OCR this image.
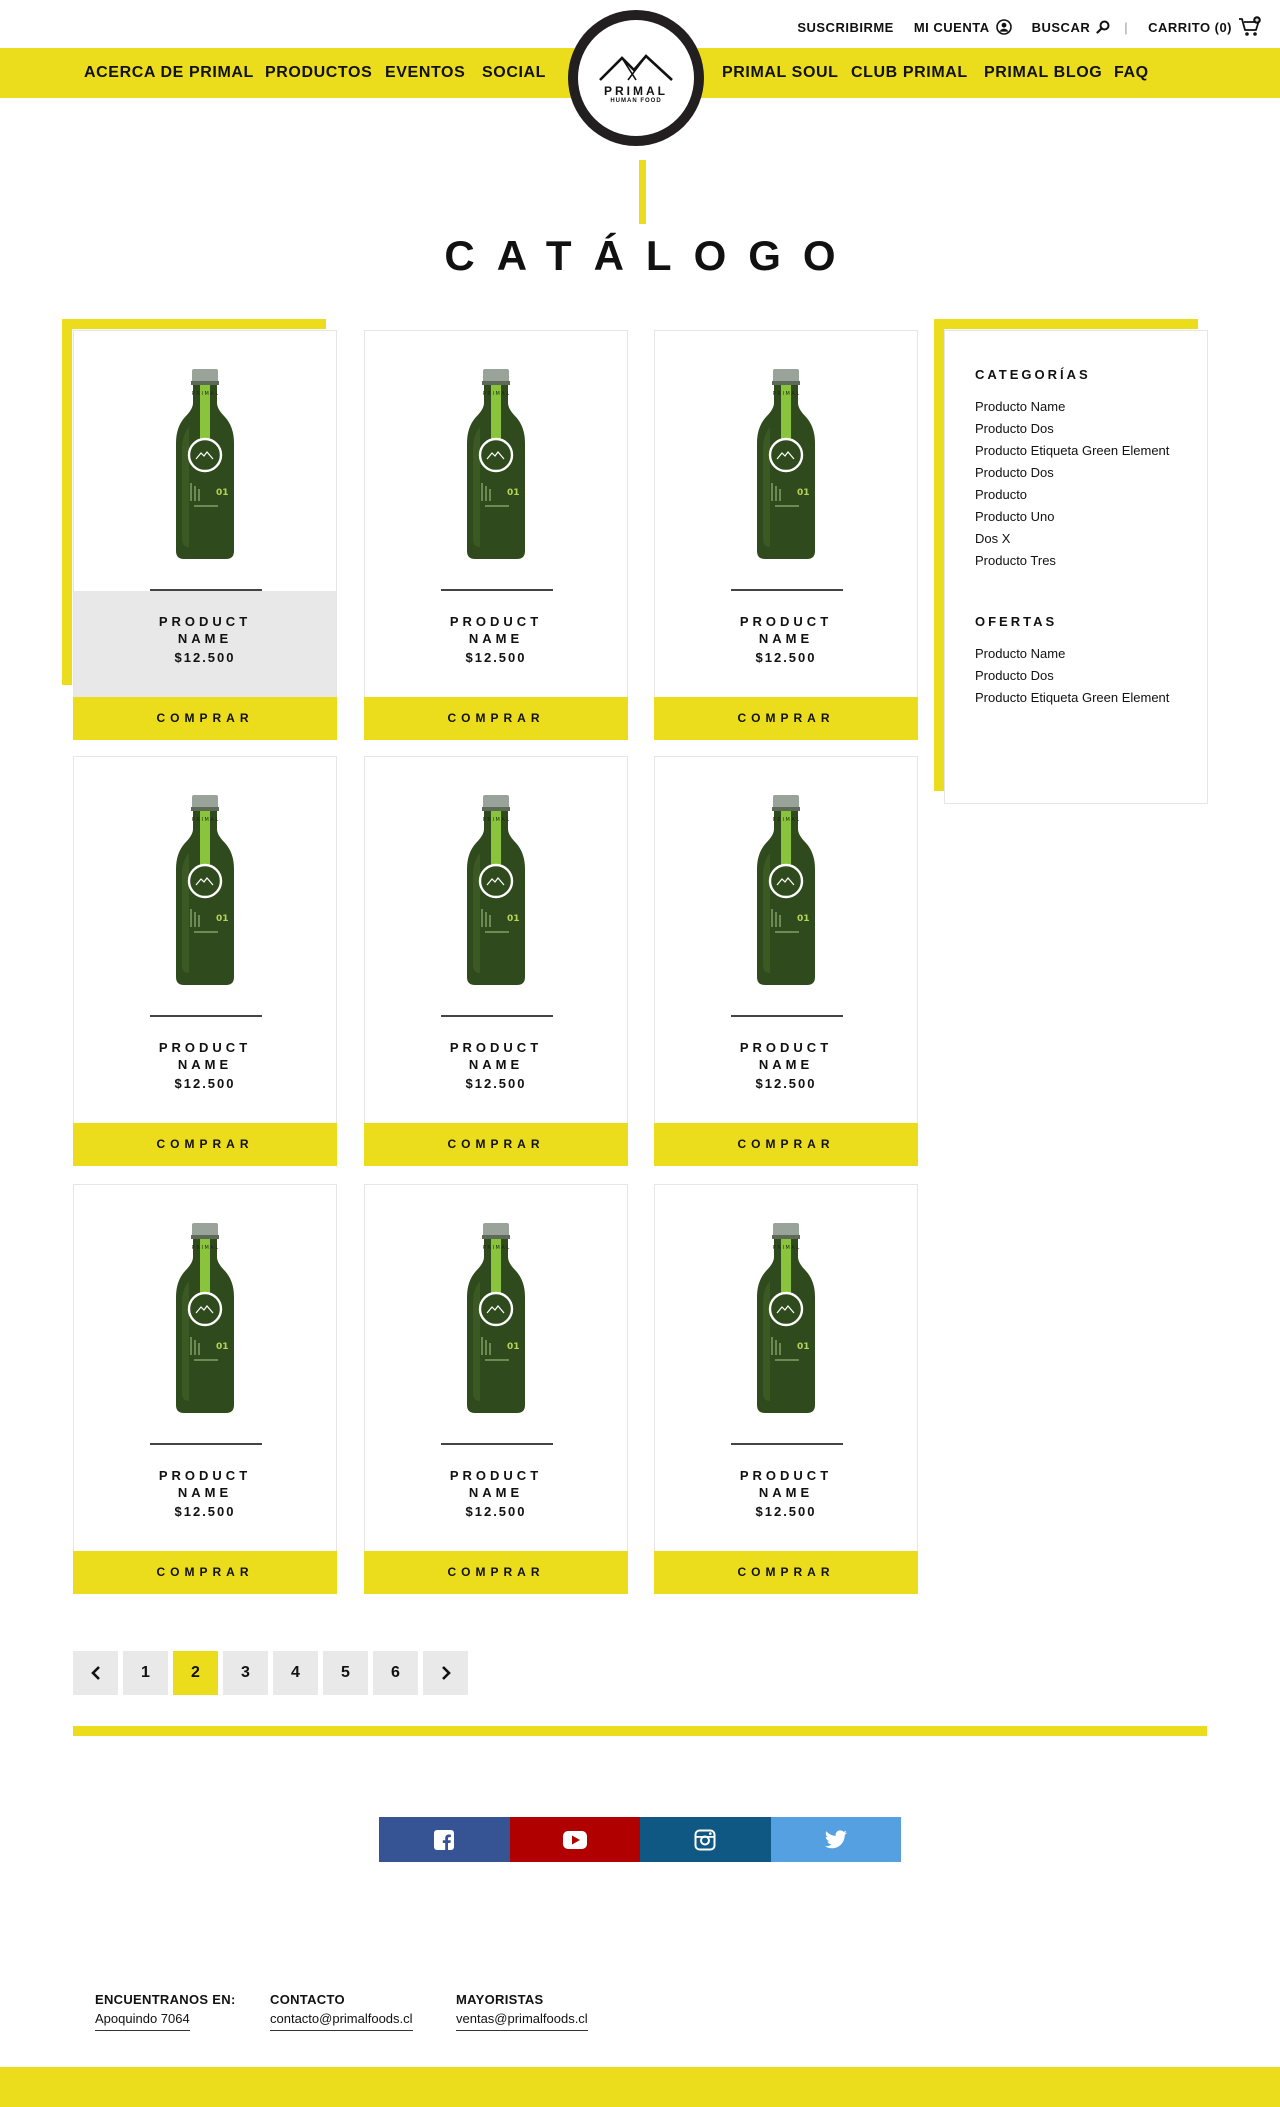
SUSCRIBIRME MI CUENTA	BUSCAR	| CARRITO (0)
ACERCA DE PRIMAL PRODUCTOS EVENTOS SOCIAL	PRIMAL SOUL CLUB PRIMAL PRIMAL BLOG FAQ
PRIMAL
HUMAN FOOD
CATÁLOGO
P R I M A L
01
PRODUCT
NAME
$12.500
COMPRAR
P R I M A L
01
PRODUCT
NAME
$12.500
COMPRAR
P R I M A L
01
PRODUCT
NAME
$12.500
COMPRAR
P R I M A L
01
PRODUCT
NAME
$12.500
COMPRAR
P R I M A L
01
PRODUCT
NAME
$12.500
COMPRAR
P R I M A L
01
PRODUCT
NAME
$12.500
COMPRAR
P R I M A L
01
PRODUCT
NAME
$12.500
COMPRAR
P R I M A L
01
PRODUCT
NAME
$12.500
COMPRAR
P R I M A L
01
PRODUCT
NAME
$12.500
COMPRAR
CATEGORÍAS
Producto Name
Producto Dos
Producto Etiqueta Green Element
Producto Dos
Producto
Producto Uno
Dos X
Producto Tres
OFERTAS
Producto Name
Producto Dos
Producto Etiqueta Green Element
1	2	3	4	5	6
ENCUENTRANOS EN:
Apoquindo 7064
CONTACTO
contacto@primalfoods.cl
MAYORISTAS
ventas@primalfoods.cl
